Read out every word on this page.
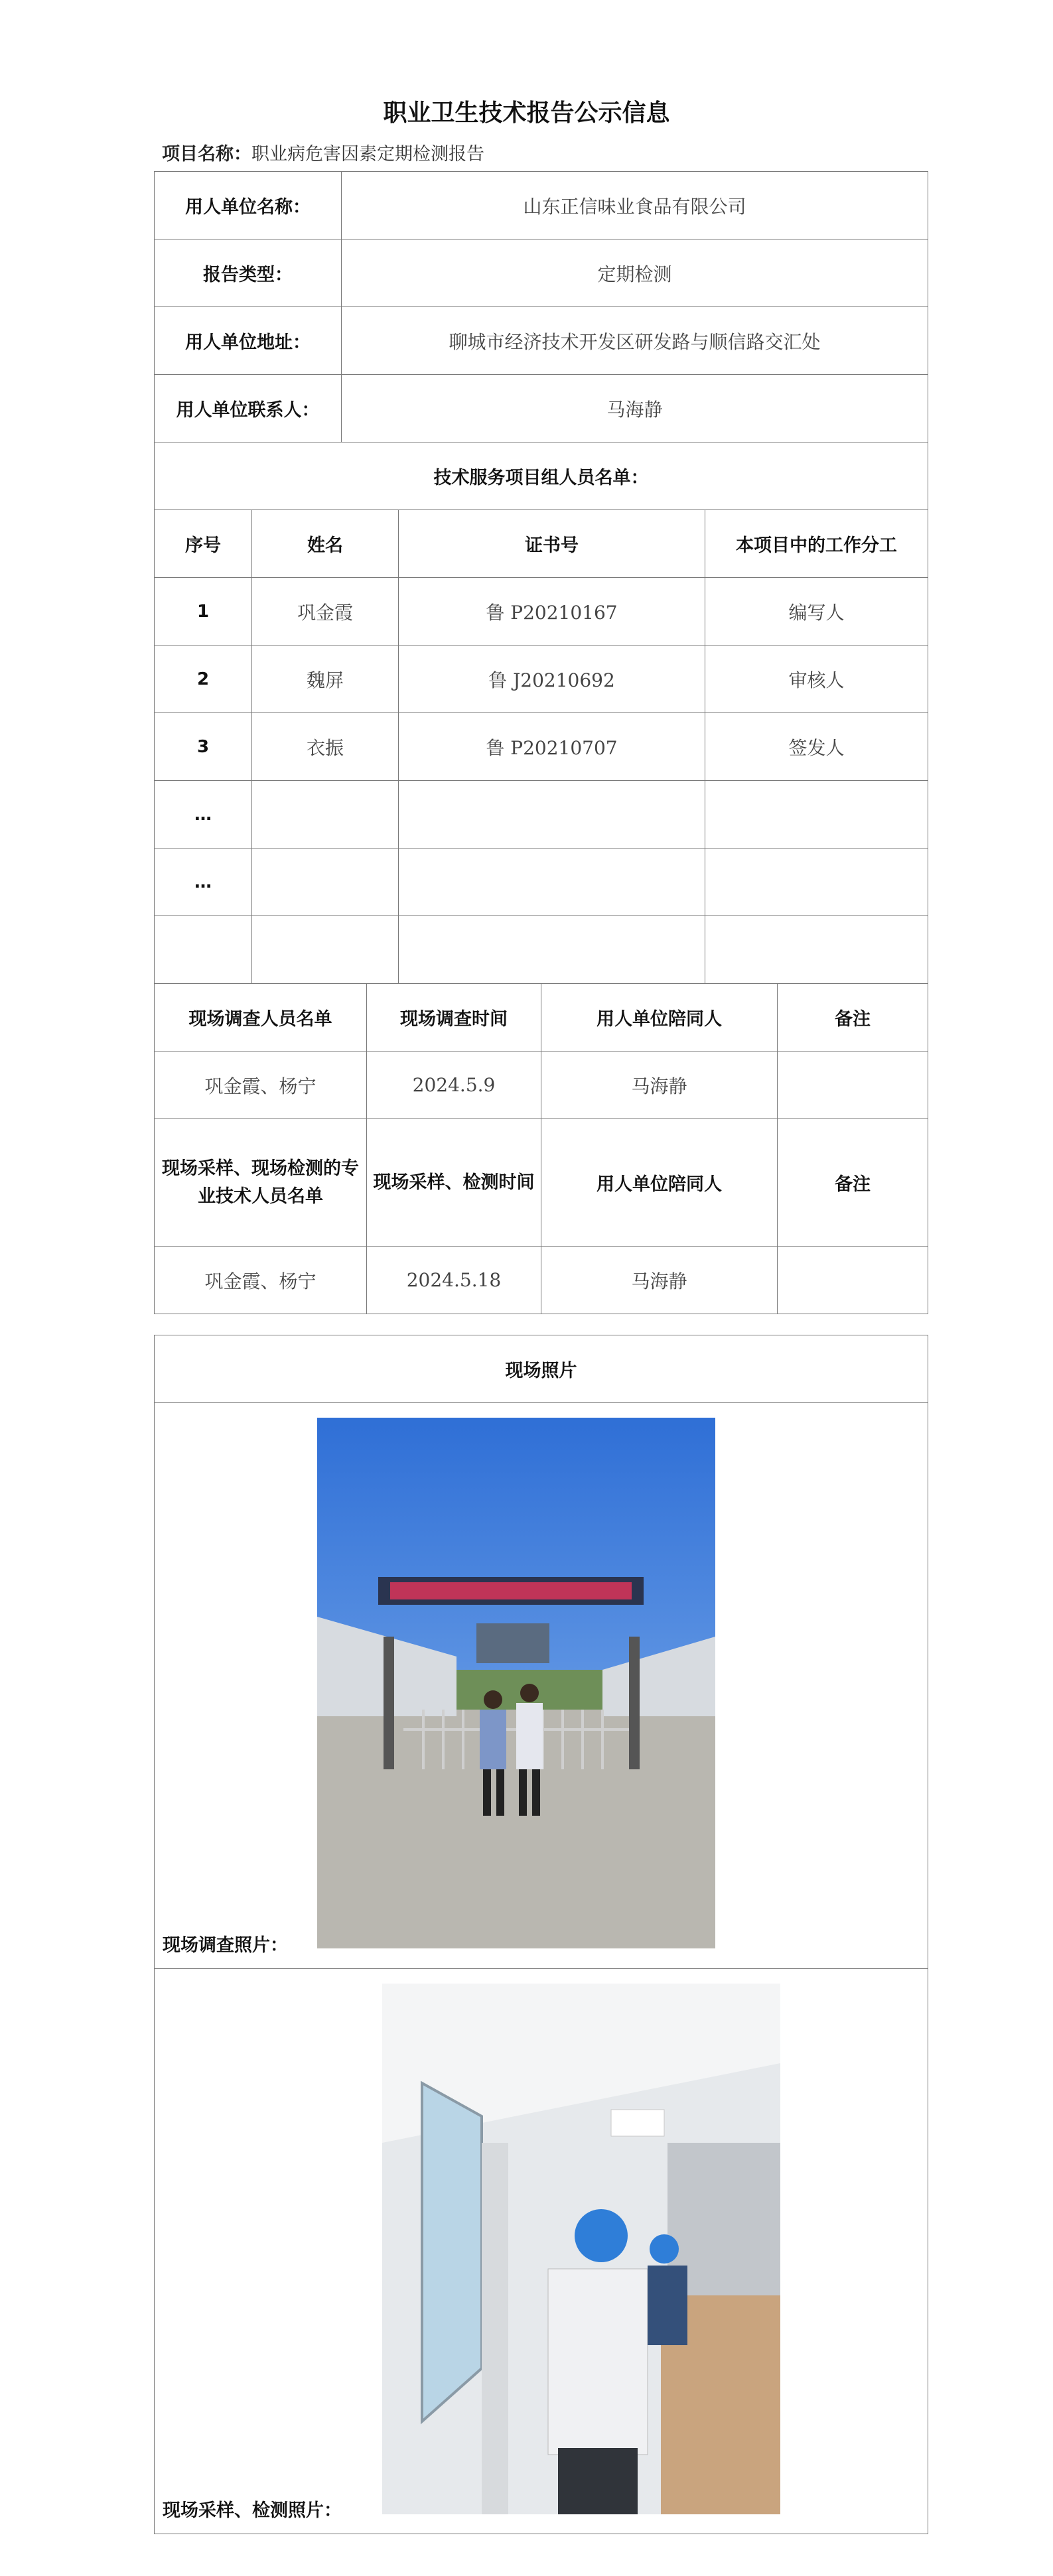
职业卫生技术报告公示信息
项目名称：职业病危害因素定期检测报告
用人单位名称：	山东正信味业食品有限公司
报告类型：	定期检测
用人单位地址：	聊城市经济技术开发区研发路与顺信路交汇处
用人单位联系人：	马海静
技术服务项目组人员名单：			
序号	姓名	证书号	本项目中的工作分工
1	巩金霞	鲁 P20210167	编写人
2	魏屏	鲁 J20210692	审核人
3	衣振	鲁 P20210707	签发人
…			
…			

现场调查人员名单	现场调查时间	用人单位陪同人	备注
巩金霞、杨宁	2024.5.9	马海静	
现场采样、现场检测的专业技术人员名单	现场采样、检测时间	用人单位陪同人	备注
巩金霞、杨宁	2024.5.18	马海静	
现场照片

现场调查照片：

现场采样、检测照片：
